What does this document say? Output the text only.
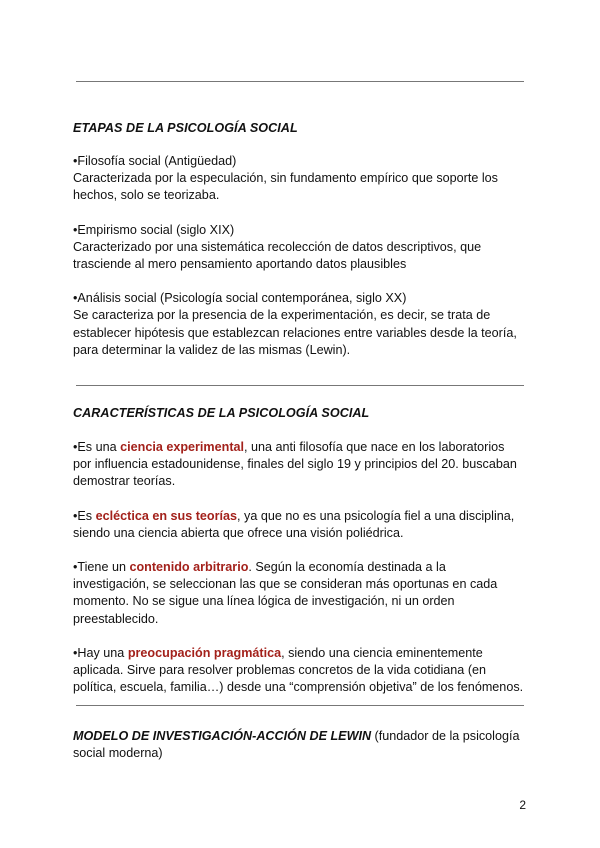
ETAPAS DE LA PSICOLOGÍA SOCIAL

•Filosofía social (Antigüedad)

Caracterizada por la especulación, sin fundamento empírico que soporte los hechos, solo se teorizaba.

•Empirismo social (siglo XIX)

Caracterizado por una sistemática recolección de datos descriptivos, que trasciende al mero pensamiento aportando datos plausibles

•Análisis social (Psicología social contemporánea, siglo XX)

Se caracteriza por la presencia de la experimentación, es decir, se trata de establecer hipótesis que establezcan relaciones entre variables desde la teoría, para determinar la validez de las mismas (Lewin).

CARACTERÍSTICAS DE LA PSICOLOGÍA SOCIAL

•Es una ciencia experimental, una anti filosofía que nace en los laboratorios por influencia estadounidense, finales del siglo 19 y principios del 20. buscaban demostrar teorías.

•Es ecléctica en sus teorías, ya que no es una psicología fiel a una disciplina, siendo una ciencia abierta que ofrece una visión poliédrica.

•Tiene un contenido arbitrario. Según la economía destinada a la investigación, se seleccionan las que se consideran más oportunas en cada momento. No se sigue una línea lógica de investigación, ni un orden preestablecido.

•Hay una preocupación pragmática, siendo una ciencia eminentemente aplicada. Sirve para resolver problemas concretos de la vida cotidiana (en política, escuela, familia…) desde una “comprensión objetiva” de los fenómenos.

MODELO DE INVESTIGACIÓN-ACCIÓN DE LEWIN (fundador de la psicología social moderna)

2
